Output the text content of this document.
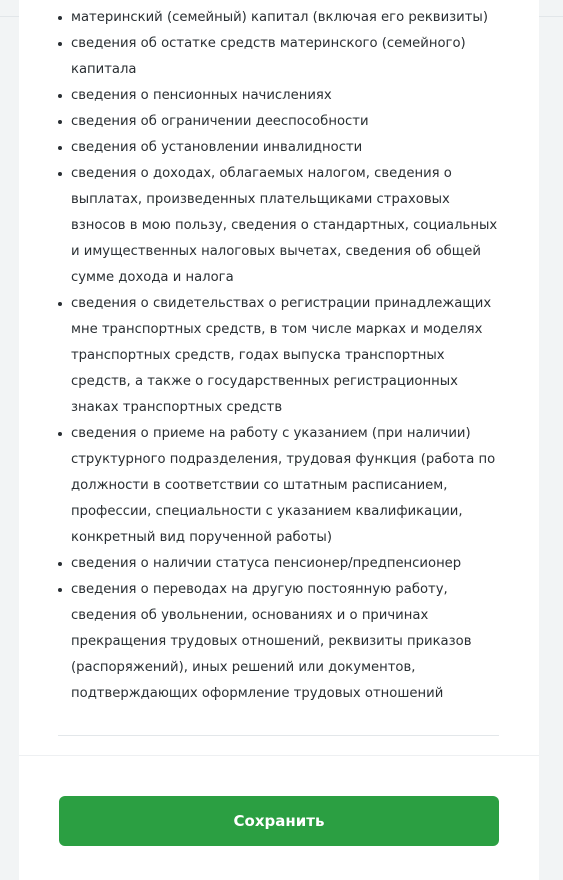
материнский (семейный) капитал (включая его реквизиты)
сведения об остатке средств материнского (семейного) капитала
сведения о пенсионных начислениях
сведения об ограничении дееспособности
сведения об установлении инвалидности
сведения о доходах, облагаемых налогом, сведения о выплатах, произведенных плательщиками страховых взносов в мою пользу, сведения о стандартных, социальных и имущественных налоговых вычетах, сведения об общей сумме дохода и налога
сведения о свидетельствах о регистрации принадлежащих мне транспортных средств, в том числе марках и моделях транспортных средств, годах выпуска транспортных средств, а также о государственных регистрационных знаках транспортных средств
сведения о приеме на работу с указанием (при наличии) структурного подразделения, трудовая функция (работа по должности в соответствии со штатным расписанием, профессии, специальности с указанием квалификации, конкретный вид порученной работы)
сведения о наличии статуса пенсионер/предпенсионер
сведения о переводах на другую постоянную работу, сведения об увольнении, основаниях и о причинах прекращения трудовых отношений, реквизиты приказов (распоряжений), иных решений или документов, подтверждающих оформление трудовых отношений
Сохранить
